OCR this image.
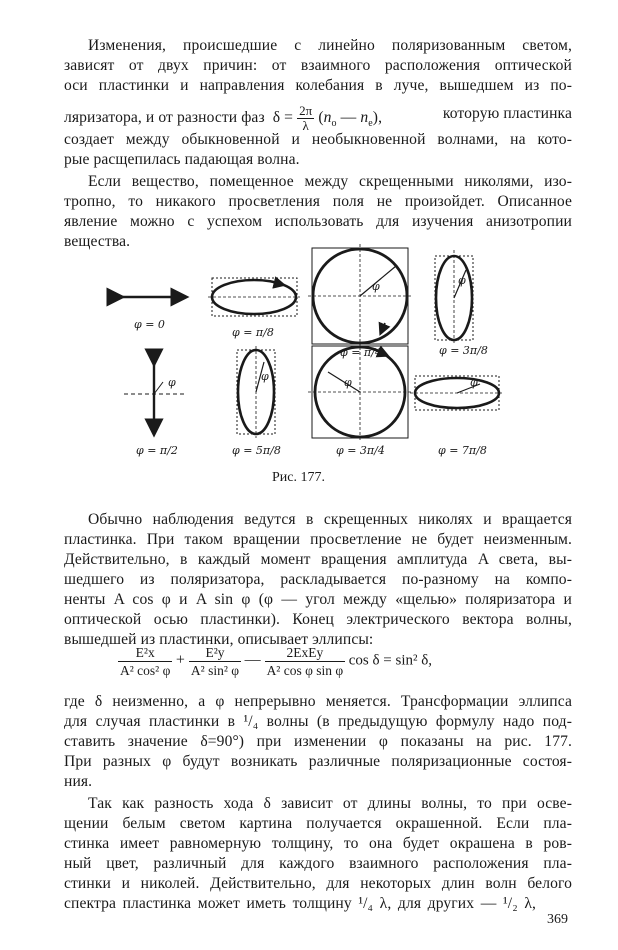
Изменения, происшедшие с линейно поляризованным светом,
зависят от двух причин: от взаимного расположения оптической
оси пластинки и направления колебания в луче, вышедшем из по-
ляризатора, и от разности фаз $\delta = \frac{2\pi}{\lambda} (n_o$ — $n_e$),	которую пластинка
создает между обыкновенной и необыкновенной волнами, на кото-
рые расщепилась падающая волна.
Если вещество, помещенное между скрещенными николями, изо-
тропно, то никакого просветления поля не произойдет. Описанное
явление можно с успехом использовать для изучения анизотропии
вещества.
φ = 0
φ = π/8
φ = π/4	φ = 3π/8
φ = π/2	φ = 5π/8	φ = 3π/4	φ = 7π/8
φ
φ	φ
φ	φ	φ
Рис. 177.
Обычно наблюдения ведутся в скрещенных николях и вращается
пластинка. При таком вращении просветление не будет неизменным.
Действительно, в каждый момент вращения амплитуда A света, вы-
шедшего из поляризатора, раскладывается по-разному на компо-
ненты A cos φ и A sin φ (φ — угол между «щелью» поляризатора и
оптической осью пластинки). Конец электрического вектора волны,
вышедшей из пластинки, описывает эллипсы:
$\frac{\text{E²x}}{\text{A² cos² φ}} + \frac{\text{E²y}}{\text{A² sin² φ}}$ — $\frac{\text{2ExEy}}{\text{A² cos φ sin φ}}$ cos δ = sin² δ,
где δ неизменно, а φ непрерывно меняется. Трансформации эллипса
для случая пластинки в ¹/₄ волны (в предыдущую формулу надо под-
ставить значение δ=90°) при изменении φ показаны на рис. 177.
При разных φ будут возникать различные поляризационные состоя-
ния.
Так как разность хода δ зависит от длины волны, то при осве-
щении белым светом картина получается окрашенной. Если пла-
стинка имеет равномерную толщину, то она будет окрашена в ров-
ный цвет, различный для каждого взаимного расположения пла-
стинки и николей. Действительно, для некоторых длин волн белого
спектра пластинка может иметь толщину ¹/₄ λ, для других — ¹/₂ λ,
369
